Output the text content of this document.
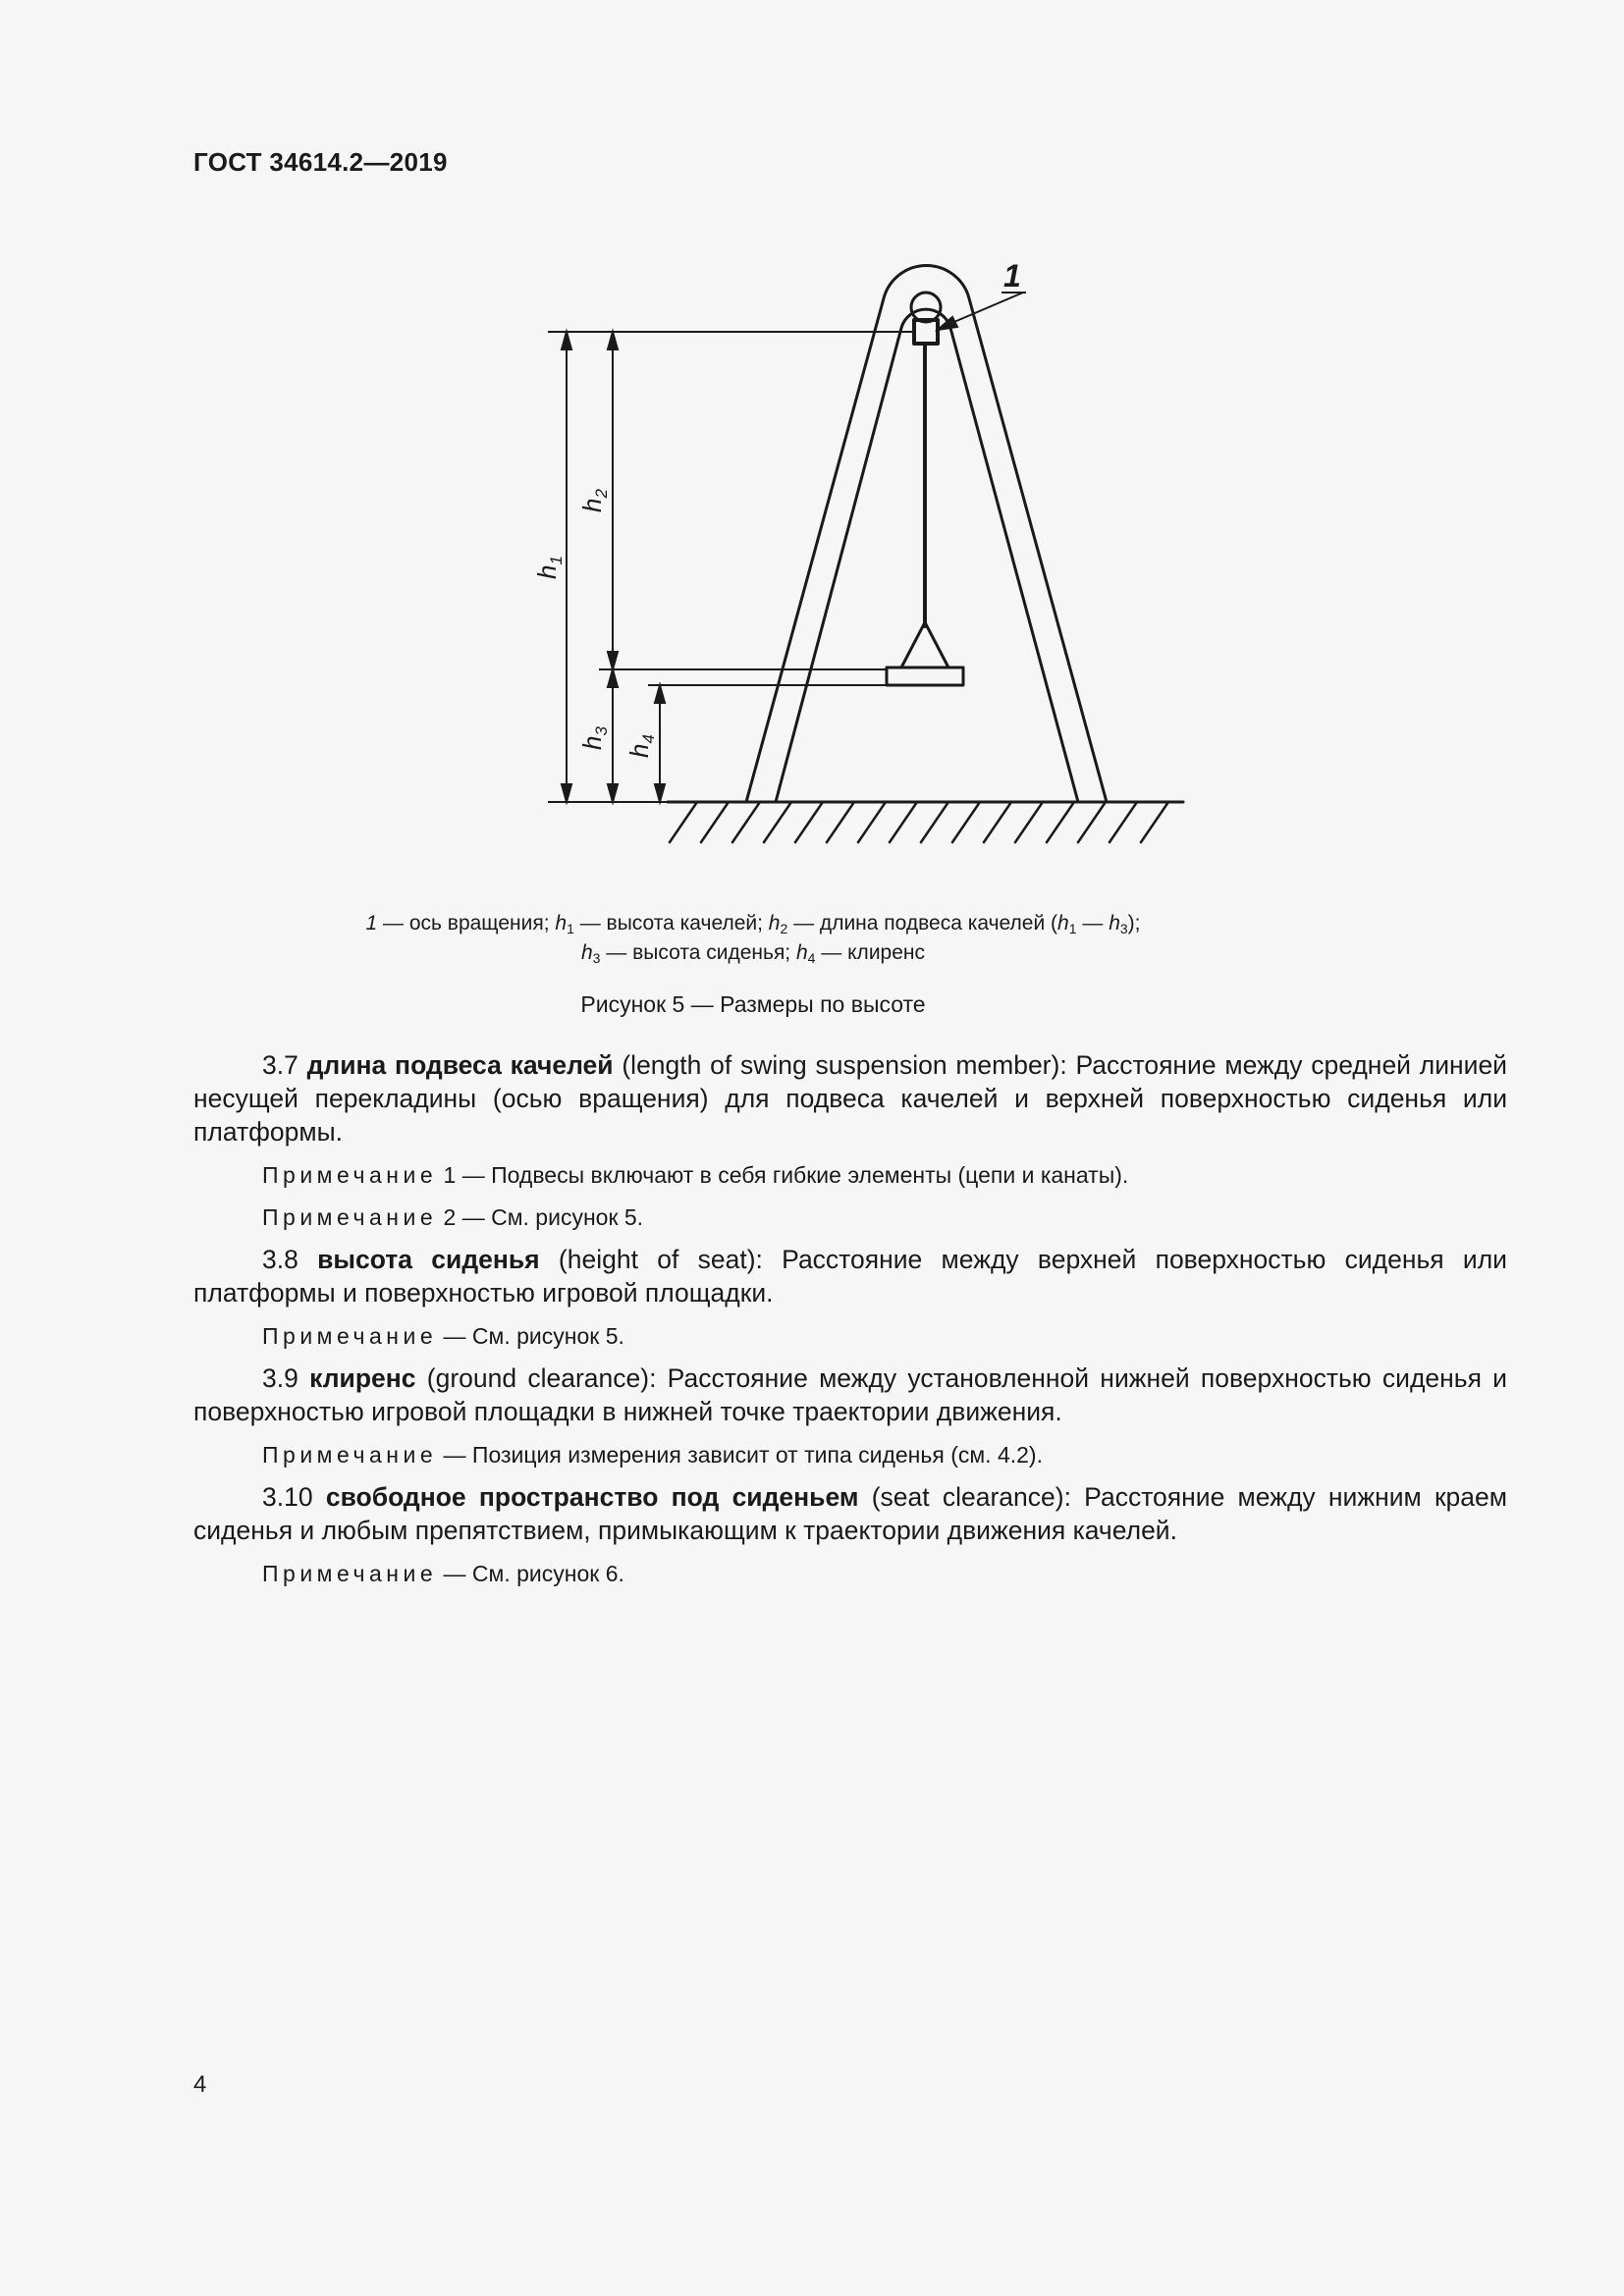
ГОСТ 34614.2—2019
1
$h_1$
$h_2$
$h_3$
$h_4$
1 — ось вращения; $h_1$ — высота качелей; $h_2$ — длина подвеса качелей ($h_1$ — $h_3$);
$h_3$ — высота сиденья; $h_4$ — клиренс
Рисунок 5 — Размеры по высоте

3.7 длина подвеса качелей (length of swing suspension member): Расстояние между средней линией несущей перекладины (осью вращения) для подвеса качелей и верхней поверхностью сиденья или платформы.

Примечание 1 — Подвесы включают в себя гибкие элементы (цепи и канаты).

Примечание 2 — См. рисунок 5.

3.8 высота сиденья (height of seat): Расстояние между верхней поверхностью сиденья или платформы и поверхностью игровой площадки.

Примечание — См. рисунок 5.

3.9 клиренс (ground clearance): Расстояние между установленной нижней поверхностью сиденья и поверхностью игровой площадки в нижней точке траектории движения.

Примечание — Позиция измерения зависит от типа сиденья (см. 4.2).

3.10 свободное пространство под сиденьем (seat clearance): Расстояние между нижним краем сиденья и любым препятствием, примыкающим к траектории движения качелей.

Примечание — См. рисунок 6.

4
